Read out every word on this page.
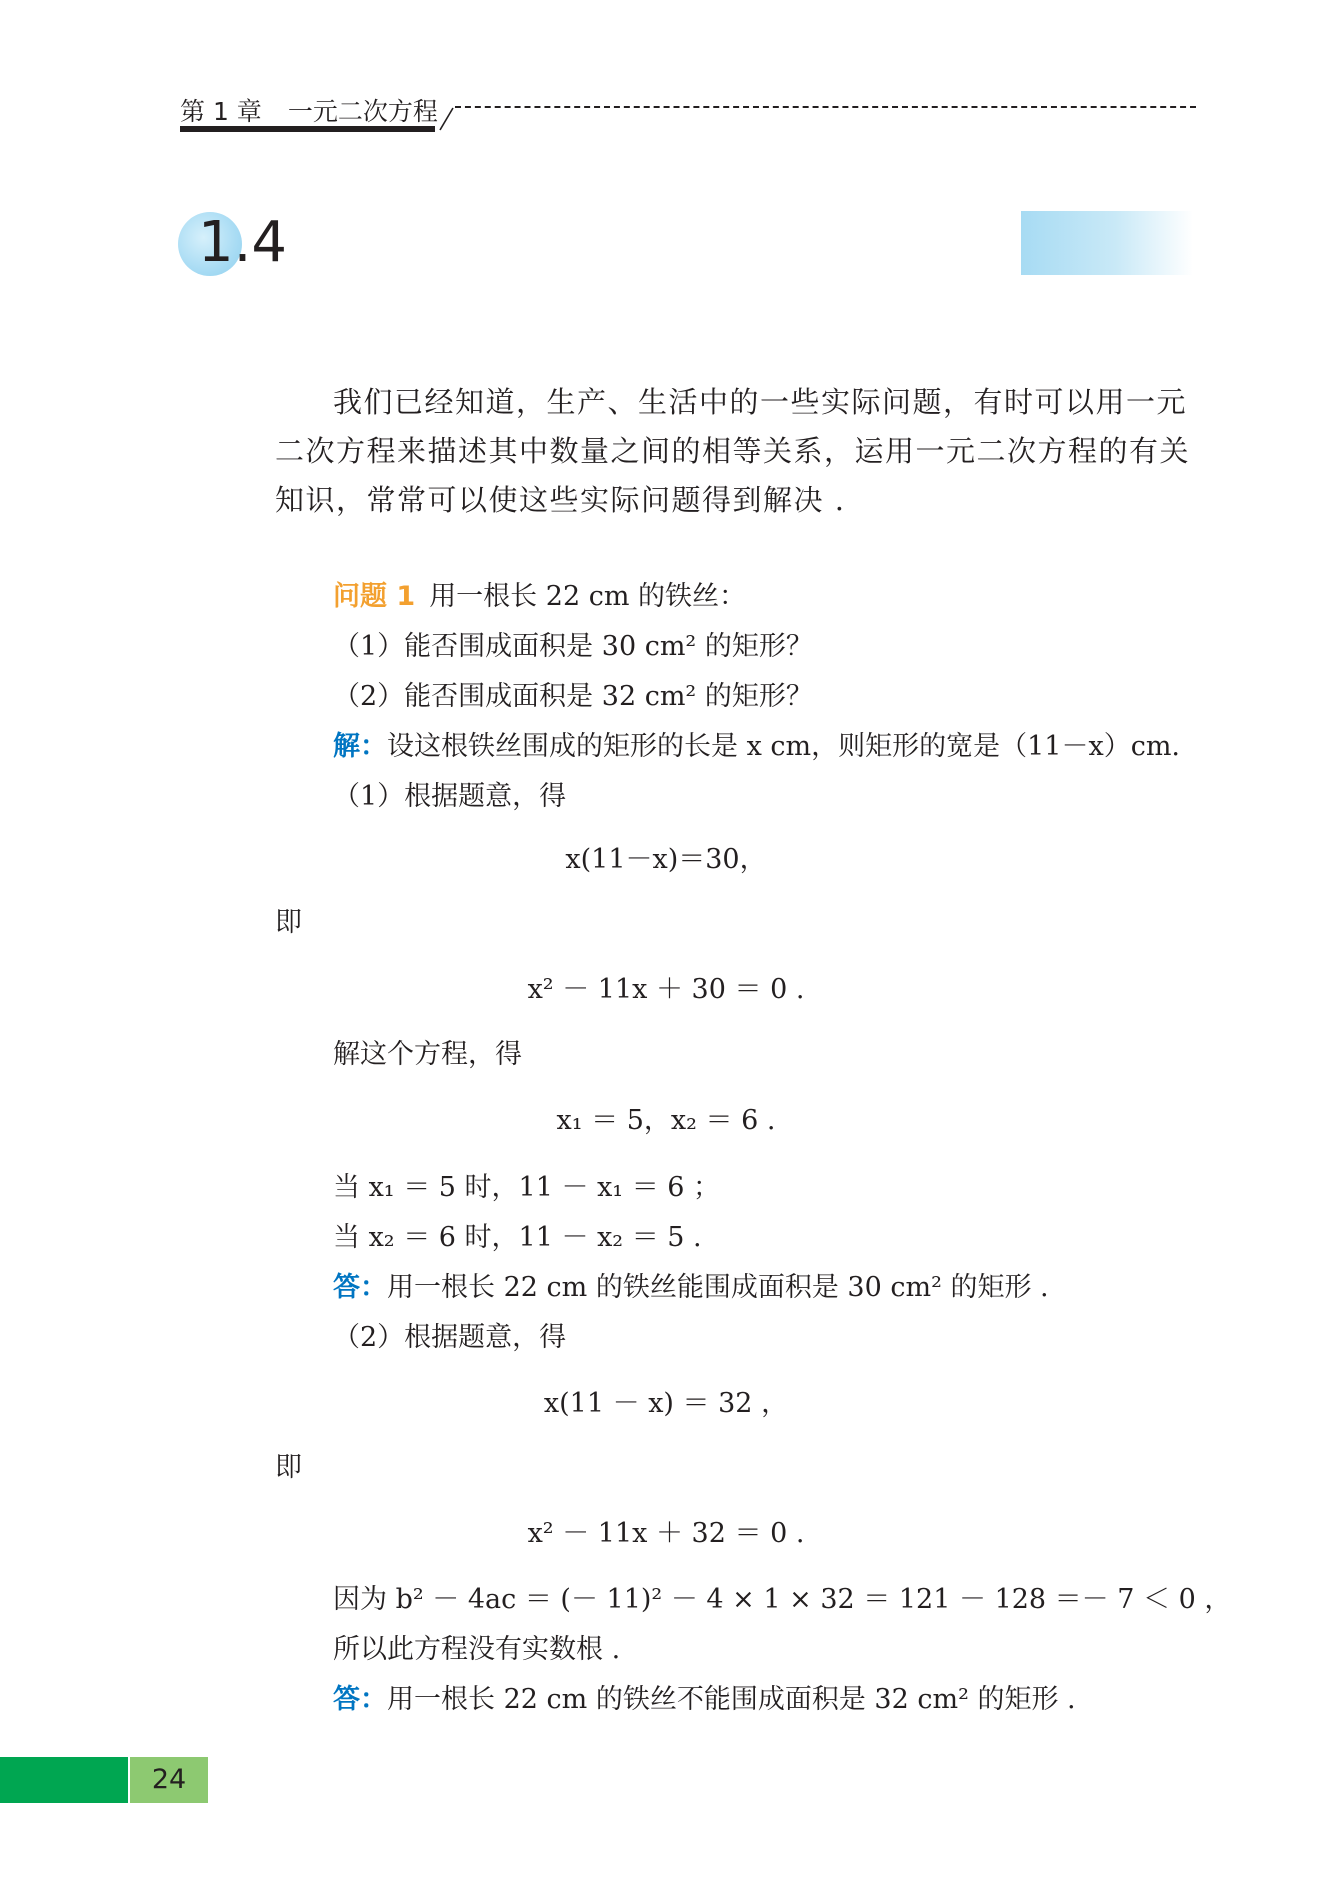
第 1 章 一元二次方程
1.4
我们已经知道，生产、生活中的一些实际问题，有时可以用一元
二次方程来描述其中数量之间的相等关系，运用一元二次方程的有关
知识，常常可以使这些实际问题得到解决 .
问题 1 用一根长 22 cm 的铁丝：
（1）能否围成面积是 30 cm² 的矩形？
（2）能否围成面积是 32 cm² 的矩形？
解：设这根铁丝围成的矩形的长是 x cm，则矩形的宽是（11－x）cm.
（1）根据题意，得
x(11－x)＝30，
即
x² － 11x ＋ 30 ＝ 0 .
解这个方程，得
x₁ ＝ 5，x₂ ＝ 6 .
当 x₁ ＝ 5 时，11 － x₁ ＝ 6 ；
当 x₂ ＝ 6 时，11 － x₂ ＝ 5 .
答：用一根长 22 cm 的铁丝能围成面积是 30 cm² 的矩形 .
（2）根据题意，得
x(11 － x) ＝ 32 ，
即
x² － 11x ＋ 32 ＝ 0 .
因为 b² － 4ac ＝ (－ 11)² － 4 × 1 × 32 ＝ 121 － 128 ＝－ 7 ＜ 0 ，
所以此方程没有实数根 .
答：用一根长 22 cm 的铁丝不能围成面积是 32 cm² 的矩形 .
24
